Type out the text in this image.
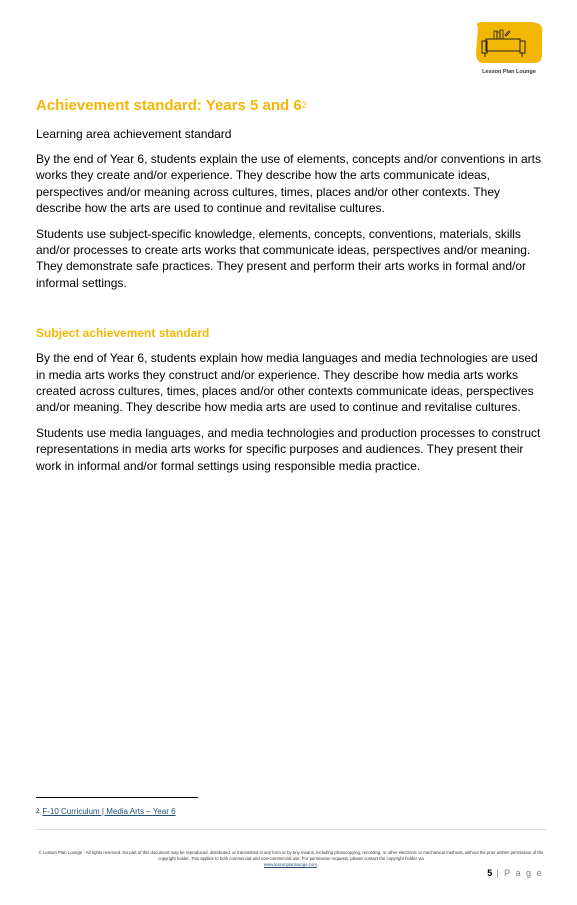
Lesson Plan Lounge
Achievement standard: Years 5 and $6^2$
Learning area achievement standard

By the end of Year 6, students explain the use of elements, concepts and/or conventions in arts works they create and/or experience. They describe how the arts communicate ideas, perspectives and/or meaning across cultures, times, places and/or other contexts. They describe how the arts are used to continue and revitalise cultures.

Students use subject-specific knowledge, elements, concepts, conventions, materials, skills and/or processes to create arts works that communicate ideas, perspectives and/or meaning. They demonstrate safe practices. They present and perform their arts works in formal and/or informal settings.

Subject achievement standard

By the end of Year 6, students explain how media languages and media technologies are used in media arts works they construct and/or experience. They describe how media arts works created across cultures, times, places and/or other contexts communicate ideas, perspectives and/or meaning. They describe how media arts are used to continue and revitalise cultures.

Students use media languages, and media technologies and production processes to construct representations in media arts works for specific purposes and audiences. They present their work in informal and/or formal settings using responsible media practice.

$^2$ F-10 Curriculum | Media Arts – Year 6
© Lesson Plan Lounge - All rights reserved. No part of this document may be reproduced, distributed, or transmitted in any form or by any means, including photocopying, recording, or other electronic or mechanical methods, without the prior written permission of the copyright holder. This applies to both commercial and non-commercial use. For permission requests, please contact the copyright holder via
www.lessonplanlounge.com.
5 | P a g e
